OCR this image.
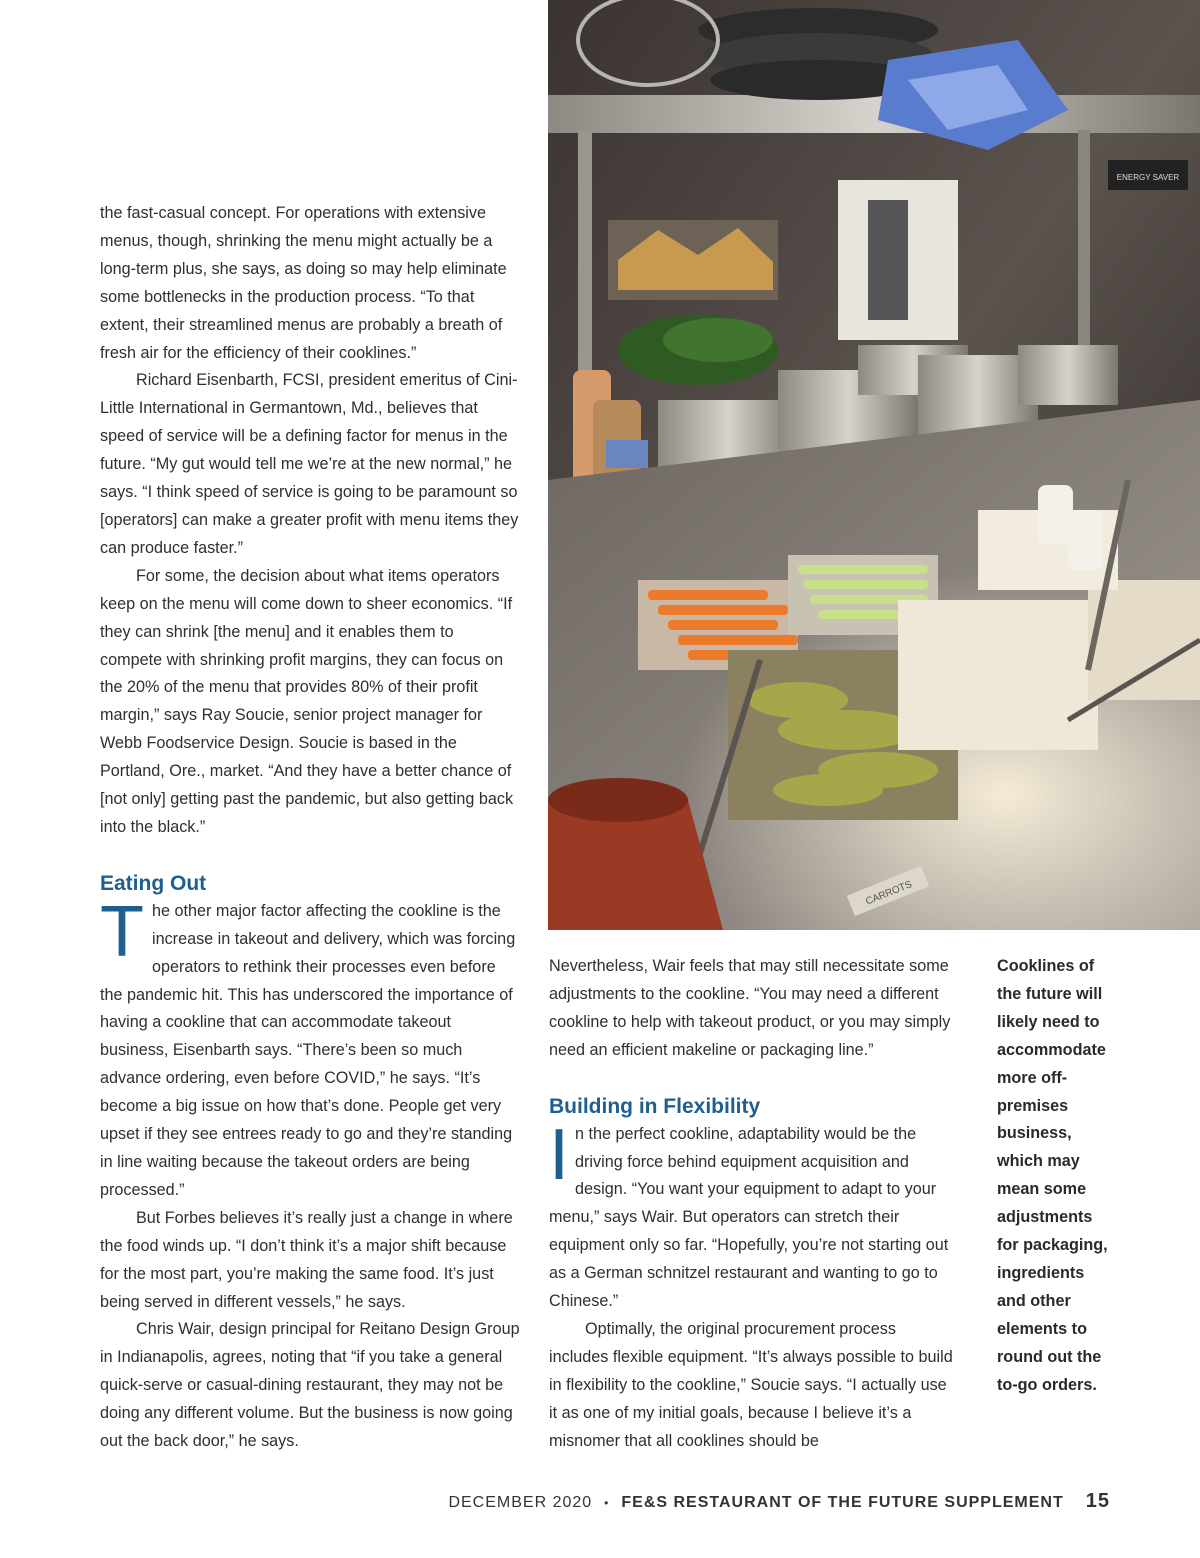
ENERGY SAVER
CARROTS

the fast-casual concept. For operations with extensive menus, though, shrinking the menu might actually be a long-term plus, she says, as doing so may help eliminate some bottlenecks in the production process. “To that extent, their streamlined menus are probably a breath of fresh air for the efficiency of their cooklines.”

Richard Eisenbarth, FCSI, president emeritus of Cini-Little International in Germantown, Md., believes that speed of service will be a defining factor for menus in the future. “My gut would tell me we’re at the new normal,” he says. “I think speed of service is going to be paramount so [operators] can make a greater profit with menu items they can produce faster.”

For some, the decision about what items operators keep on the menu will come down to sheer economics. “If they can shrink [the menu] and it enables them to compete with shrinking profit margins, they can focus on the 20% of the menu that provides 80% of their profit margin,” says Ray Soucie, senior project manager for Webb Foodservice Design. Soucie is based in the Portland, Ore., market. “And they have a better chance of [not only] getting past the pandemic, but also getting back into the black.”

Eating Out

The other major factor affecting the cookline is the increase in takeout and delivery, which was forcing operators to rethink their processes even before the pandemic hit. This has underscored the importance of having a cookline that can accommodate takeout business, Eisenbarth says. “There’s been so much advance ordering, even before COVID,” he says. “It’s become a big issue on how that’s done. People get very upset if they see entrees ready to go and they’re standing in line waiting because the takeout orders are being processed.”

But Forbes believes it’s really just a change in where the food winds up. “I don’t think it’s a major shift because for the most part, you’re making the same food. It’s just being served in different vessels,” he says.

Chris Wair, design principal for Reitano Design Group in Indianapolis, agrees, noting that “if you take a general quick-serve or casual-dining restaurant, they may not be doing any different volume. But the business is now going out the back door,” he says.

Nevertheless, Wair feels that may still necessitate some adjustments to the cookline. “You may need a different cookline to help with takeout product, or you may simply need an efficient makeline or packaging line.”

Building in Flexibility

In the perfect cookline, adaptability would be the driving force behind equipment acquisition and design. “You want your equipment to adapt to your menu,” says Wair. But operators can stretch their equipment only so far. “Hopefully, you’re not starting out as a German schnitzel restaurant and wanting to go to Chinese.”

Optimally, the original procurement process includes flexible equipment. “It’s always possible to build in flexibility to the cookline,” Soucie says. “I actually use it as one of my initial goals, because I believe it’s a misnomer that all cooklines should be

Cooklines of the future will likely need to accommodate more off-premises business, which may mean some adjustments for packaging, ingredients and other elements to round out the to-go orders.
DECEMBER 2020 • FE&S RESTAURANT OF THE FUTURE SUPPLEMENT 15
